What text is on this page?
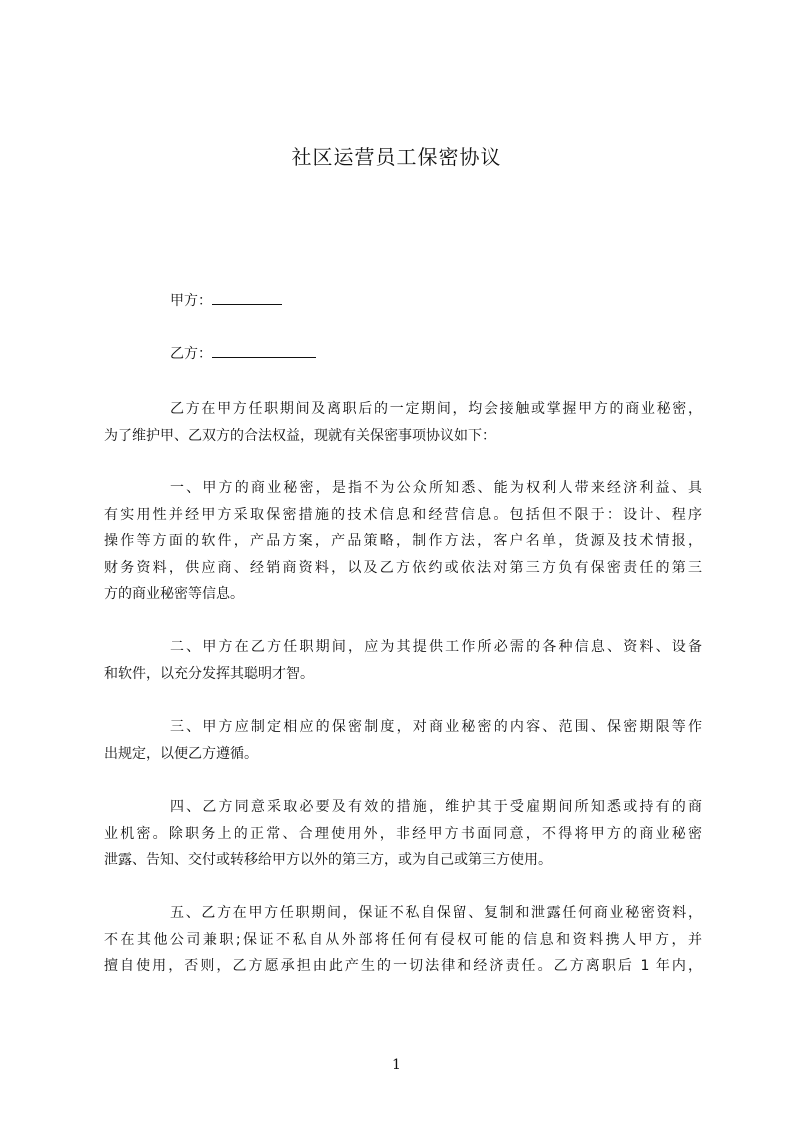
社区运营员工保密协议
甲方：
乙方：
乙方在甲方任职期间及离职后的一定期间，均会接触或掌握甲方的商业秘密，
为了维护甲、乙双方的合法权益，现就有关保密事项协议如下：
一、甲方的商业秘密，是指不为公众所知悉、能为权利人带来经济利益、具
有实用性并经甲方采取保密措施的技术信息和经营信息。包括但不限于：设计、程序
操作等方面的软件，产品方案，产品策略，制作方法，客户名单，货源及技术情报，
财务资料，供应商、经销商资料，以及乙方依约或依法对第三方负有保密责任的第三
方的商业秘密等信息。
二、甲方在乙方任职期间，应为其提供工作所必需的各种信息、资料、设备
和软件，以充分发挥其聪明才智。
三、甲方应制定相应的保密制度，对商业秘密的内容、范围、保密期限等作
出规定，以便乙方遵循。
四、乙方同意采取必要及有效的措施，维护其于受雇期间所知悉或持有的商
业机密。除职务上的正常、合理使用外，非经甲方书面同意，不得将甲方的商业秘密
泄露、告知、交付或转移给甲方以外的第三方，或为自己或第三方使用。
五、乙方在甲方任职期间，保证不私自保留、复制和泄露任何商业秘密资料，
不在其他公司兼职;保证不私自从外部将任何有侵权可能的信息和资料携人甲方，并
擅自使用，否则，乙方愿承担由此产生的一切法律和经济责任。乙方离职后 1 年内，
1
